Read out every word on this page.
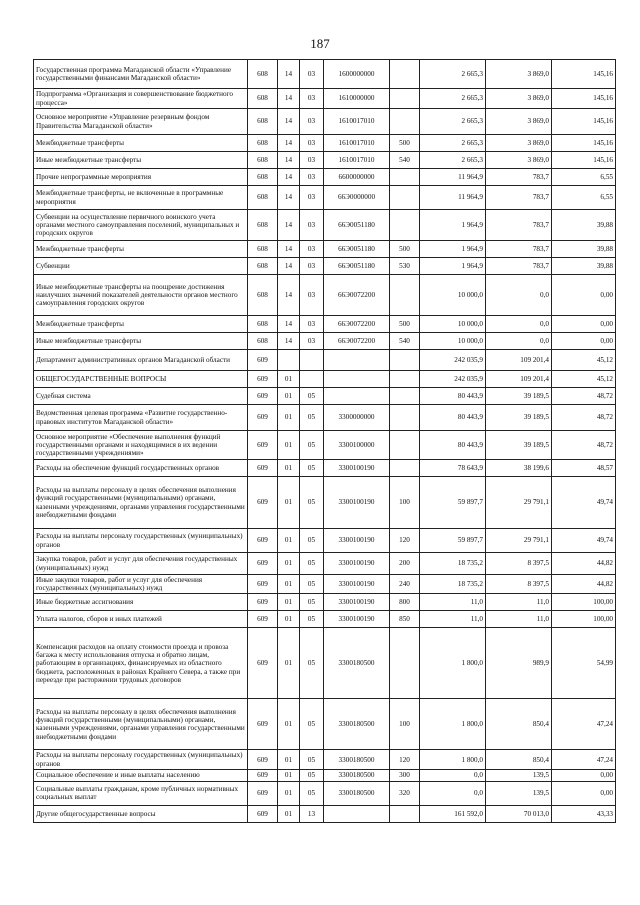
187
Государственная программа Магаданской области «Управление государственными финансами Магаданской области»	608	14	03	1600000000		2 665,3	3 869,0	145,16
Подпрограмма «Организация и совершенствование бюджетного процесса»	608	14	03	1610000000		2 665,3	3 869,0	145,16
Основное мероприятие «Управление резервным фондом Правительства Магаданской области»	608	14	03	1610017010		2 665,3	3 869,0	145,16
Межбюджетные трансферты	608	14	03	1610017010	500	2 665,3	3 869,0	145,16
Иные межбюджетные трансферты	608	14	03	1610017010	540	2 665,3	3 869,0	145,16
Прочие непрограммные мероприятия	608	14	03	6600000000		11 964,9	783,7	6,55
Межбюджетные трансферты, не включенные в программные мероприятия	608	14	03	66Э0000000		11 964,9	783,7	6,55
Субвенции на осуществление первичного воинского учета органами местного самоуправления поселений, муниципальных и городских округов	608	14	03	66Э0051180		1 964,9	783,7	39,88
Межбюджетные трансферты	608	14	03	66Э0051180	500	1 964,9	783,7	39,88
Субвенции	608	14	03	66Э0051180	530	1 964,9	783,7	39,88
Иные межбюджетные трансферты на поощрение достижения наилучших значений показателей деятельности органов местного самоуправления городских округов	608	14	03	66Э0072200		10 000,0	0,0	0,00
Межбюджетные трансферты	608	14	03	66Э0072200	500	10 000,0	0,0	0,00
Иные межбюджетные трансферты	608	14	03	66Э0072200	540	10 000,0	0,0	0,00
Департамент административных органов Магаданской области	609					242 035,9	109 201,4	45,12
ОБЩЕГОСУДАРСТВЕННЫЕ ВОПРОСЫ	609	01				242 035,9	109 201,4	45,12
Судебная система	609	01	05			80 443,9	39 189,5	48,72
Ведомственная целевая программа «Развитие государственно-правовых институтов Магаданской области»	609	01	05	3300000000		80 443,9	39 189,5	48,72
Основное мероприятие «Обеспечение выполнения функций государственными органами и находящимися в их ведении государственными учреждениями»	609	01	05	3300100000		80 443,9	39 189,5	48,72
Расходы на обеспечение функций государственных органов	609	01	05	3300100190		78 643,9	38 199,6	48,57
Расходы на выплаты персоналу в целях обеспечения выполнения функций государственными (муниципальными) органами, казенными учреждениями, органами управления государственными внебюджетными фондами	609	01	05	3300100190	100	59 897,7	29 791,1	49,74
Расходы на выплаты персоналу государственных (муниципальных) органов	609	01	05	3300100190	120	59 897,7	29 791,1	49,74
Закупка товаров, работ и услуг для обеспечения государственных (муниципальных) нужд	609	01	05	3300100190	200	18 735,2	8 397,5	44,82
Иные закупки товаров, работ и услуг для обеспечения государственных (муниципальных) нужд	609	01	05	3300100190	240	18 735,2	8 397,5	44,82
Иные бюджетные ассигнования	609	01	05	3300100190	800	11,0	11,0	100,00
Уплата налогов, сборов и иных платежей	609	01	05	3300100190	850	11,0	11,0	100,00
Компенсация расходов на оплату стоимости проезда и провоза багажа к месту использования отпуска и обратно лицам, работающим в организациях, финансируемых из областного бюджета, расположенных в районах Крайнего Севера, а также при переезде при расторжении трудовых договоров	609	01	05	3300180500		1 800,0	989,9	54,99
Расходы на выплаты персоналу в целях обеспечения выполнения функций государственными (муниципальными) органами, казенными учреждениями, органами управления государственными внебюджетными фондами	609	01	05	3300180500	100	1 800,0	850,4	47,24
Расходы на выплаты персоналу государственных (муниципальных) органов	609	01	05	3300180500	120	1 800,0	850,4	47,24
Социальное обеспечение и иные выплаты населению	609	01	05	3300180500	300	0,0	139,5	0,00
Социальные выплаты гражданам, кроме публичных нормативных социальных выплат	609	01	05	3300180500	320	0,0	139,5	0,00
Другие общегосударственные вопросы	609	01	13			161 592,0	70 013,0	43,33
